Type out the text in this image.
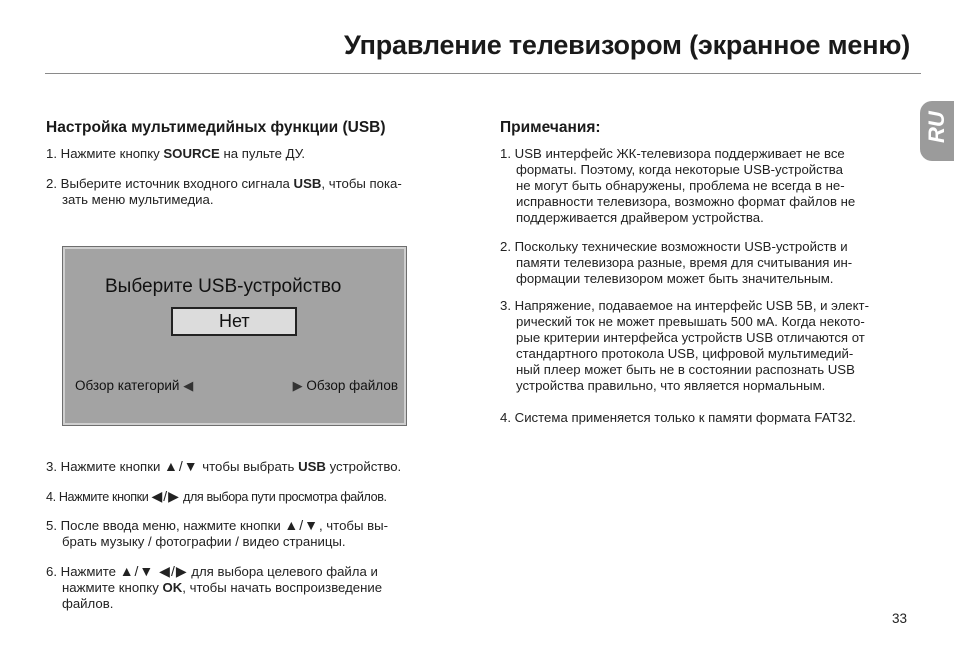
Управление телевизором (экранное меню)
RU
Настройка мультимедийных функции (USB)
1. Нажмите кнопку SOURCE на пульте ДУ.
2. Выберите источник входного сигнала USB, чтобы пока-
зать меню мультимедиа.
Выберите USB-устройство
Нет
Обзор категорий ◀	▶ Обзор файлов
3. Нажмите кнопки ▲/▼ чтобы выбрать USB устройство.
4. Нажмите кнопки ◀/▶ для выбора пути просмотра файлов.
5. После ввода меню, нажмите кнопки ▲/▼, чтобы вы-
брать музыку / фотографии / видео страницы.
6. Нажмите ▲/▼ ◀/▶ для выбора целевого файла и
нажмите кнопку OK, чтобы начать воспроизведение
файлов.
Примечания:
1. USB интерфейс ЖК-телевизора поддерживает не все
форматы. Поэтому, когда некоторые USB-устройства
не могут быть обнаружены, проблема не всегда в не-
исправности телевизора, возможно формат файлов не
поддерживается драйвером устройства.
2. Поскольку технические возможности USB-устройств и
памяти телевизора разные, время для считывания ин-
формации телевизором может быть значительным.
3. Напряжение, подаваемое на интерфейс USB 5В, и элект-
рический ток не может превышать 500 мА. Когда некото-
рые критерии интерфейса устройств USB отличаются от
стандартного протокола USB, цифровой мультимедий-
ный плеер может быть не в состоянии распознать USB
устройства правильно, что является нормальным.
4. Система применяется только к памяти формата FAT32.
33
